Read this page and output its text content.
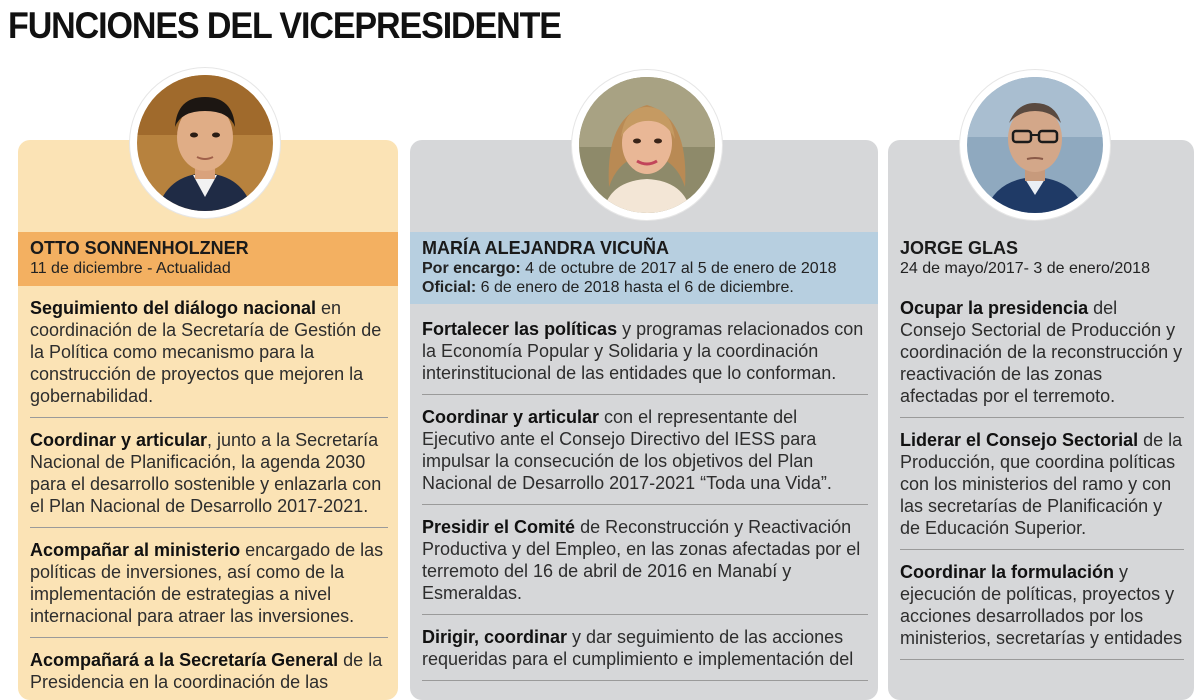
FUNCIONES DEL VICEPRESIDENTE
OTTO SONNENHOLZNER
11 de diciembre - Actualidad
Seguimiento del diálogo nacional en coordinación de la Secretaría de Gestión de la Política como mecanismo para la construcción de proyectos que mejoren la gobernabilidad.
Coordinar y articular, junto a la Secretaría Nacional de Planificación, la agenda 2030 para el desarrollo sostenible y enlazarla con el Plan Nacional de Desarrollo 2017-2021.
Acompañar al ministerio encargado de las políticas de inversiones, así como de la implementación de estrategias a nivel internacional para atraer las inversiones.
Acompañará a la Secretaría General de la Presidencia en la coordinación de las
MARÍA ALEJANDRA VICUÑA
Por encargo: 4 de octubre de 2017 al 5 de enero de 2018
Oficial: 6 de enero de 2018 hasta el 6 de diciembre.
Fortalecer las políticas y programas relacionados con la Economía Popular y Solidaria y la coordinación interinstitucional de las entidades que lo conforman.
Coordinar y articular con el representante del Ejecutivo ante el Consejo Directivo del IESS para impulsar la consecución de los objetivos del Plan Nacional de Desarrollo 2017-2021 “Toda una Vida”.
Presidir el Comité de Reconstrucción y Reactivación Productiva y del Empleo, en las zonas afectadas por el terremoto del 16 de abril de 2016 en Manabí y Esmeraldas.
Dirigir, coordinar y dar seguimiento de las acciones requeridas para el cumplimiento e implementación del
JORGE GLAS
24 de mayo/2017- 3 de enero/2018
Ocupar la presidencia del Consejo Sectorial de Producción y coordinación de la reconstrucción y reactivación de las zonas afectadas por el terremoto.
Liderar el Consejo Sectorial de la Producción, que coordina políticas con los ministerios del ramo y con las secretarías de Planificación y de Educación Superior.
Coordinar la formulación y ejecución de políticas, proyectos y acciones desarrollados por los ministerios, secretarías y entidades
